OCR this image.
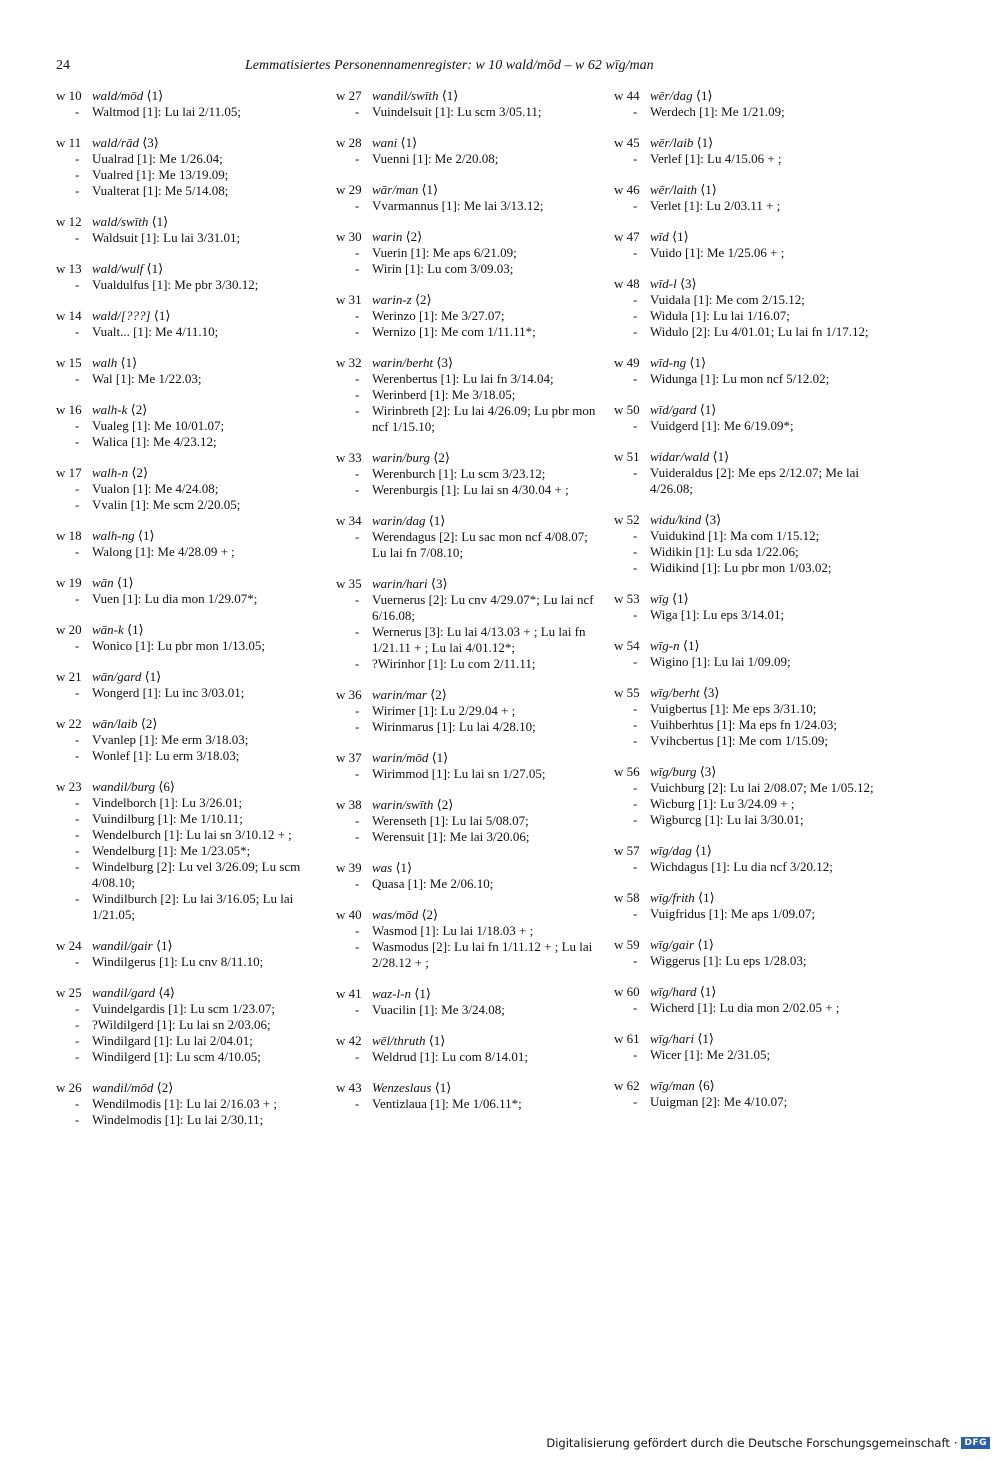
24	Lemmatisiertes Personennamenregister: w 10 wald/mōd – w 62 wīg/man
w 10 wald/mōd ⟨1⟩
- Waltmod [1]: Lu lai 2/11.05;
w 11 wald/rād ⟨3⟩
- Uualrad [1]: Me 1/26.04;
- Vualred [1]: Me 13/19.09;
- Vualterat [1]: Me 5/14.08;
w 12 wald/swīth ⟨1⟩
- Waldsuit [1]: Lu lai 3/31.01;
w 13 wald/wulf ⟨1⟩
- Vualdulfus [1]: Me pbr 3/30.12;
w 14 wald/[???] ⟨1⟩
- Vualt... [1]: Me 4/11.10;
w 15 walh ⟨1⟩
- Wal [1]: Me 1/22.03;
w 16 walh-k ⟨2⟩
- Vualeg [1]: Me 10/01.07;
- Walica [1]: Me 4/23.12;
w 17 walh-n ⟨2⟩
- Vualon [1]: Me 4/24.08;
- Vvalin [1]: Me scm 2/20.05;
w 18 walh-ng ⟨1⟩
- Walong [1]: Me 4/28.09 + ;
w 19 wān ⟨1⟩
- Vuen [1]: Lu dia mon 1/29.07*;
w 20 wān-k ⟨1⟩
- Wonico [1]: Lu pbr mon 1/13.05;
w 21 wān/gard ⟨1⟩
- Wongerd [1]: Lu inc 3/03.01;
w 22 wān/laib ⟨2⟩
- Vvanlep [1]: Me erm 3/18.03;
- Wonlef [1]: Lu erm 3/18.03;
w 23 wandil/burg ⟨6⟩
- Vindelborch [1]: Lu 3/26.01;
- Vuindilburg [1]: Me 1/10.11;
- Wendelburch [1]: Lu lai sn 3/10.12 + ;
- Wendelburg [1]: Me 1/23.05*;
- Windelburg [2]: Lu vel 3/26.09; Lu scm 4/08.10;
- Windilburch [2]: Lu lai 3/16.05; Lu lai 1/21.05;
w 24 wandil/gair ⟨1⟩
- Windilgerus [1]: Lu cnv 8/11.10;
w 25 wandil/gard ⟨4⟩
- Vuindelgardis [1]: Lu scm 1/23.07;
- ?Wildilgerd [1]: Lu lai sn 2/03.06;
- Windilgard [1]: Lu lai 2/04.01;
- Windilgerd [1]: Lu scm 4/10.05;
w 26 wandil/mōd ⟨2⟩
- Wendilmodis [1]: Lu lai 2/16.03 + ;
- Windelmodis [1]: Lu lai 2/30.11;
w 27 wandil/swīth ⟨1⟩
- Vuindelsuit [1]: Lu scm 3/05.11;
w 28 wani ⟨1⟩
- Vuenni [1]: Me 2/20.08;
w 29 wār/man ⟨1⟩
- Vvarmannus [1]: Me lai 3/13.12;
w 30 warin ⟨2⟩
- Vuerin [1]: Me aps 6/21.09;
- Wirin [1]: Lu com 3/09.03;
w 31 warin-z ⟨2⟩
- Werinzo [1]: Me 3/27.07;
- Wernizo [1]: Me com 1/11.11*;
w 32 warin/berht ⟨3⟩
- Werenbertus [1]: Lu lai fn 3/14.04;
- Werinberd [1]: Me 3/18.05;
- Wirinbreth [2]: Lu lai 4/26.09; Lu pbr mon ncf 1/15.10;
w 33 warin/burg ⟨2⟩
- Werenburch [1]: Lu scm 3/23.12;
- Werenburgis [1]: Lu lai sn 4/30.04 + ;
w 34 warin/dag ⟨1⟩
- Werendagus [2]: Lu sac mon ncf 4/08.07; Lu lai fn 7/08.10;
w 35 warin/hari ⟨3⟩
- Vuernerus [2]: Lu cnv 4/29.07*; Lu lai ncf 6/16.08;
- Wernerus [3]: Lu lai 4/13.03 + ; Lu lai fn 1/21.11 + ; Lu lai 4/01.12*;
- ?Wirinhor [1]: Lu com 2/11.11;
w 36 warin/mar ⟨2⟩
- Wirimer [1]: Lu 2/29.04 + ;
- Wirinmarus [1]: Lu lai 4/28.10;
w 37 warin/mōd ⟨1⟩
- Wirimmod [1]: Lu lai sn 1/27.05;
w 38 warin/swīth ⟨2⟩
- Werenseth [1]: Lu lai 5/08.07;
- Werensuit [1]: Me lai 3/20.06;
w 39 was ⟨1⟩
- Quasa [1]: Me 2/06.10;
w 40 was/mōd ⟨2⟩
- Wasmod [1]: Lu lai 1/18.03 + ;
- Wasmodus [2]: Lu lai fn 1/11.12 + ; Lu lai 2/28.12 + ;
w 41 waz-l-n ⟨1⟩
- Vuacilin [1]: Me 3/24.08;
w 42 wēl/thruth ⟨1⟩
- Weldrud [1]: Lu com 8/14.01;
w 43 Wenzeslaus ⟨1⟩
- Ventizlaua [1]: Me 1/06.11*;
w 44 wēr/dag ⟨1⟩
- Werdech [1]: Me 1/21.09;
w 45 wēr/laib ⟨1⟩
- Verlef [1]: Lu 4/15.06 + ;
w 46 wēr/laith ⟨1⟩
- Verlet [1]: Lu 2/03.11 + ;
w 47 wīd ⟨1⟩
- Vuido [1]: Me 1/25.06 + ;
w 48 wīd-l ⟨3⟩
- Vuidala [1]: Me com 2/15.12;
- Widula [1]: Lu lai 1/16.07;
- Widulo [2]: Lu 4/01.01; Lu lai fn 1/17.12;
w 49 wīd-ng ⟨1⟩
- Widunga [1]: Lu mon ncf 5/12.02;
w 50 wīd/gard ⟨1⟩
- Vuidgerd [1]: Me 6/19.09*;
w 51 widar/wald ⟨1⟩
- Vuideraldus [2]: Me eps 2/12.07; Me lai 4/26.08;
w 52 widu/kind ⟨3⟩
- Vuidukind [1]: Ma com 1/15.12;
- Widikin [1]: Lu sda 1/22.06;
- Widikind [1]: Lu pbr mon 1/03.02;
w 53 wīg ⟨1⟩
- Wiga [1]: Lu eps 3/14.01;
w 54 wīg-n ⟨1⟩
- Wigino [1]: Lu lai 1/09.09;
w 55 wīg/berht ⟨3⟩
- Vuigbertus [1]: Me eps 3/31.10;
- Vuihberhtus [1]: Ma eps fn 1/24.03;
- Vvihcbertus [1]: Me com 1/15.09;
w 56 wīg/burg ⟨3⟩
- Vuichburg [2]: Lu lai 2/08.07; Me 1/05.12;
- Wicburg [1]: Lu 3/24.09 + ;
- Wigburcg [1]: Lu lai 3/30.01;
w 57 wīg/dag ⟨1⟩
- Wichdagus [1]: Lu dia ncf 3/20.12;
w 58 wīg/frith ⟨1⟩
- Vuigfridus [1]: Me aps 1/09.07;
w 59 wīg/gair ⟨1⟩
- Wiggerus [1]: Lu eps 1/28.03;
w 60 wīg/hard ⟨1⟩
- Wicherd [1]: Lu dia mon 2/02.05 + ;
w 61 wīg/hari ⟨1⟩
- Wicer [1]: Me 2/31.05;
w 62 wīg/man ⟨6⟩
- Uuigman [2]: Me 4/10.07;
Digitalisierung gefördert durch die Deutsche Forschungsgemeinschaft · DFG
